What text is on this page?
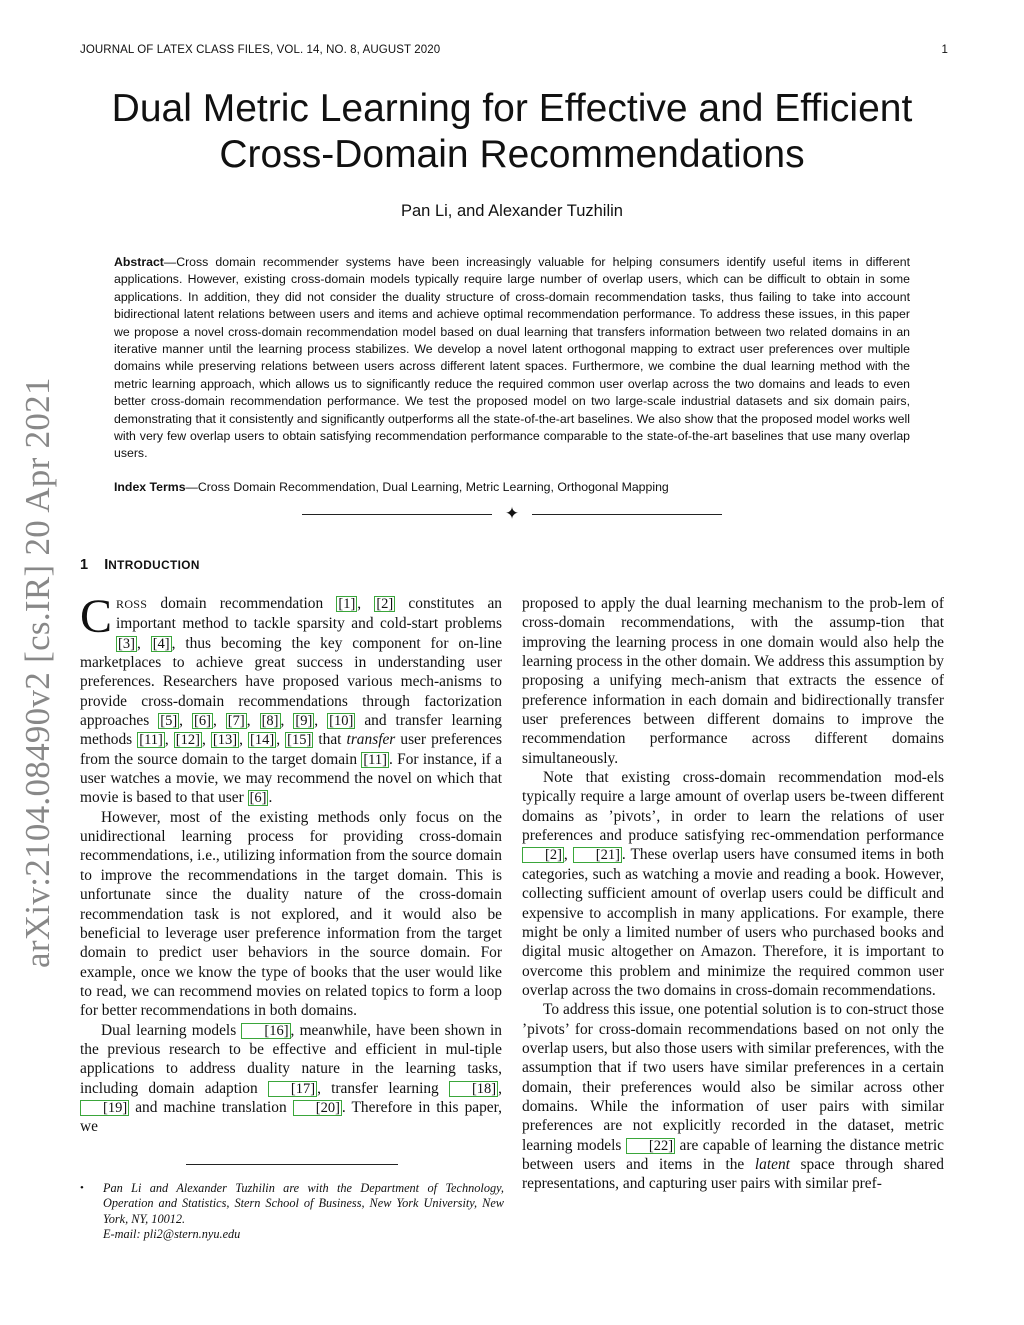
JOURNAL OF LATEX CLASS FILES, VOL. 14, NO. 8, AUGUST 2020	1
Dual Metric Learning for Effective and Efficient Cross-Domain Recommendations
Pan Li, and Alexander Tuzhilin
Abstract—Cross domain recommender systems have been increasingly valuable for helping consumers identify useful items in different applications. However, existing cross-domain models typically require large number of overlap users, which can be difficult to obtain in some applications. In addition, they did not consider the duality structure of cross-domain recommendation tasks, thus failing to take into account bidirectional latent relations between users and items and achieve optimal recommendation performance. To address these issues, in this paper we propose a novel cross-domain recommendation model based on dual learning that transfers information between two related domains in an iterative manner until the learning process stabilizes. We develop a novel latent orthogonal mapping to extract user preferences over multiple domains while preserving relations between users across different latent spaces. Furthermore, we combine the dual learning method with the metric learning approach, which allows us to significantly reduce the required common user overlap across the two domains and leads to even better cross-domain recommendation performance. We test the proposed model on two large-scale industrial datasets and six domain pairs, demonstrating that it consistently and significantly outperforms all the state-of-the-art baselines. We also show that the proposed model works well with very few overlap users to obtain satisfying recommendation performance comparable to the state-of-the-art baselines that use many overlap users.
Index Terms—Cross Domain Recommendation, Dual Learning, Metric Learning, Orthogonal Mapping
✦
arXiv:2104.08490v2 [cs.IR] 20 Apr 2021 1 INTRODUCTION

CROSS domain recommendation [1] , [2] constitutes an important method to tackle sparsity and cold-start problems [3] , [4] , thus becoming the key component for on-line marketplaces to achieve great success in understanding user preferences. Researchers have proposed various mech-anisms to provide cross-domain recommendations through factorization approaches [5] , [6] , [7] , [8] , [9] , [10] and transfer learning methods [11] , [12] , [13] , [14] , [15] that transfer user preferences from the source domain to the target domain [11] . For instance, if a user watches a movie, we may recommend the novel on which that movie is based to that user [6] .

However, most of the existing methods only focus on the unidirectional learning process for providing cross-domain recommendations, i.e., utilizing information from the source domain to improve the recommendations in the target domain. This is unfortunate since the duality nature of the cross-domain recommendation task is not explored, and it would also be beneficial to leverage user preference information from the target domain to predict user behaviors in the source domain. For example, once we know the type of books that the user would like to read, we can recommend movies on related topics to form a loop for better recommendations in both domains.

Dual learning models [16] , meanwhile, have been shown in the previous research to be effective and efficient in mul-tiple applications to address duality nature in the learning tasks, including domain adaption [17] , transfer learning [18] , [19] and machine translation [20] . Therefore in this paper, we

• Pan Li and Alexander Tuzhilin are with the Department of Technology, Operation and Statistics, Stern School of Business, New York University, New York, NY, 10012.
E-mail: pli2@stern.nyu.edu

proposed to apply the dual learning mechanism to the prob-lem of cross-domain recommendations, with the assump-tion that improving the learning process in one domain would also help the learning process in the other domain. We address this assumption by proposing a unifying mech-anism that extracts the essence of preference information in each domain and bidirectionally transfer user preferences between different domains to improve the recommendation performance across different domains simultaneously.

Note that existing cross-domain recommendation mod-els typically require a large amount of overlap users be-tween different domains as ’pivots’, in order to learn the relations of user preferences and produce satisfying rec-ommendation performance [2] , [21] . These overlap users have consumed items in both categories, such as watching a movie and reading a book. However, collecting sufficient amount of overlap users could be difficult and expensive to accomplish in many applications. For example, there might be only a limited number of users who purchased books and digital music altogether on Amazon. Therefore, it is important to overcome this problem and minimize the required common user overlap across the two domains in cross-domain recommendations.

To address this issue, one potential solution is to con-struct those ’pivots’ for cross-domain recommendations based on not only the overlap users, but also those users with similar preferences, with the assumption that if two users have similar preferences in a certain domain, their preferences would also be similar across other domains. While the information of user pairs with similar preferences are not explicitly recorded in the dataset, metric learning models [22] are capable of learning the distance metric between users and items in the latent space through shared representations, and capturing user pairs with similar pref-
